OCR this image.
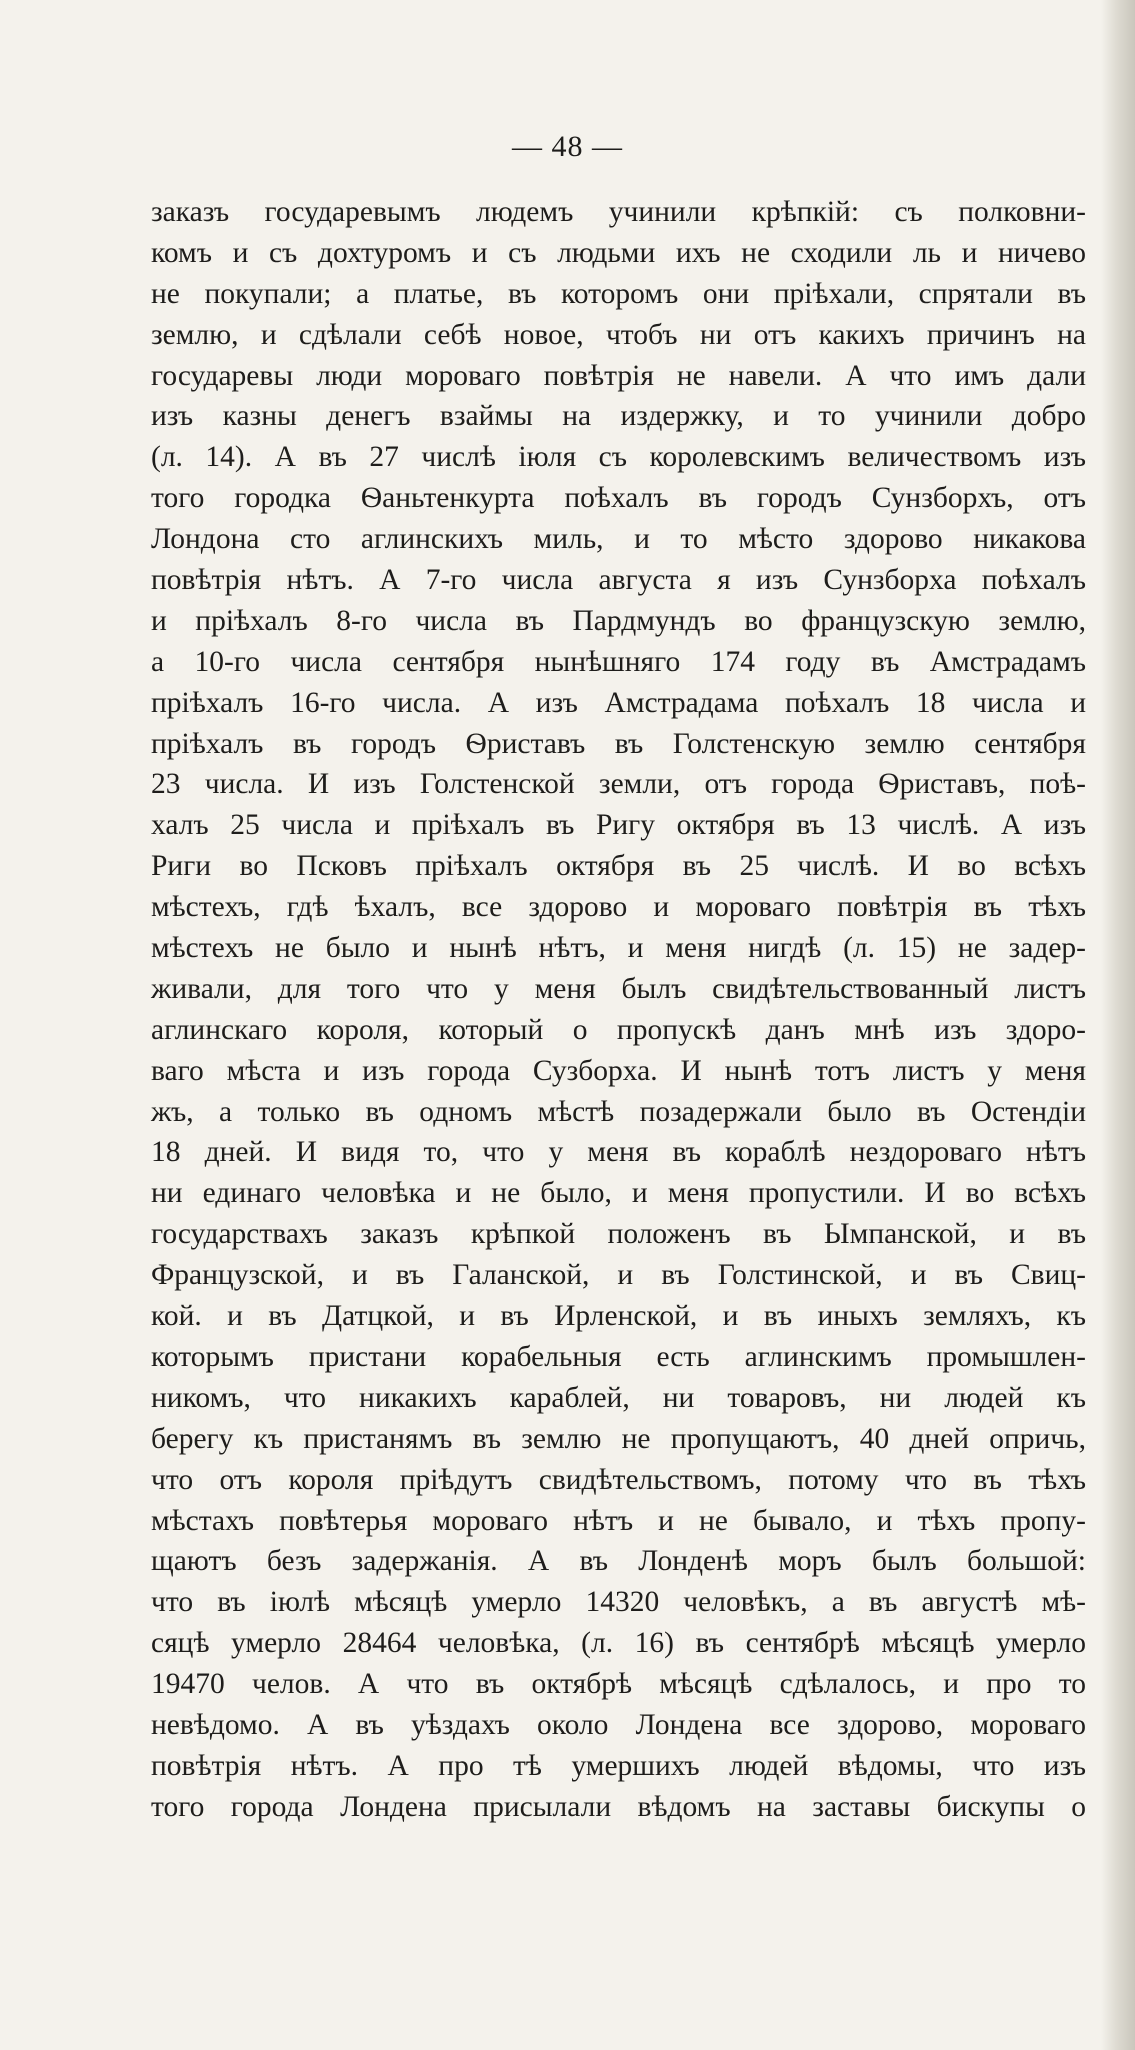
— 48 —
заказъ государевымъ людемъ учинили крѣпкiй: съ полковни-
комъ и съ дохтуромъ и съ людьми ихъ не сходили ль и ничево
не покупали; а платье, въ которомъ они прiѣхали, спрятали въ
землю, и сдѣлали себѣ новое, чтобъ ни отъ какихъ причинъ на
государевы люди мороваго повѣтрiя не навели. А что имъ дали
изъ казны денегъ взаймы на издержку, и то учинили добро
(л. 14). А въ 27 числѣ iюля съ королевскимъ величествомъ изъ
того городка Ѳаньтенкурта поѣхалъ въ городъ Сунзборхъ, отъ
Лондона сто аглинскихъ миль, и то мѣсто здорово никакова
повѣтрiя нѣтъ. А 7-го числа августа я изъ Сунзборха поѣхалъ
и прiѣхалъ 8-го числа въ Пардмундъ во французскую землю,
а 10-го числа сентября нынѣшняго 174 году въ Амстрадамъ
прiѣхалъ 16-го числа. А изъ Амстрадама поѣхалъ 18 числа и
прiѣхалъ въ городъ Ѳриставъ въ Голстенскую землю сентября
23 числа. И изъ Голстенской земли, отъ города Ѳриставъ, поѣ-
халъ 25 числа и прiѣхалъ въ Ригу октября въ 13 числѣ. А изъ
Риги во Псковъ прiѣхалъ октября въ 25 числѣ. И во всѣхъ
мѣстехъ, гдѣ ѣхалъ, все здорово и мороваго повѣтрiя въ тѣхъ
мѣстехъ не было и нынѣ нѣтъ, и меня нигдѣ (л. 15) не задер-
живали, для того что у меня былъ свидѣтельствованный листъ
аглинскаго короля, который о пропускѣ данъ мнѣ изъ здоро-
ваго мѣста и изъ города Сузборха. И нынѣ тотъ листъ у меня
жъ, а только въ одномъ мѣстѣ позадержали было въ Остендiи
18 дней. И видя то, что у меня въ кораблѣ нездороваго нѣтъ
ни единаго человѣка и не было, и меня пропустили. И во всѣхъ
государствахъ заказъ крѣпкой положенъ въ Ымпанской, и въ
Французской, и въ Галанской, и въ Голстинской, и въ Свиц-
кой. и въ Датцкой, и въ Ирленской, и въ иныхъ земляхъ, къ
которымъ пристани корабельныя есть аглинскимъ промышлен-
никомъ, что никакихъ караблей, ни товаровъ, ни людей къ
берегу къ пристанямъ въ землю не пропущаютъ, 40 дней опричь,
что отъ короля прiѣдутъ свидѣтельствомъ, потому что въ тѣхъ
мѣстахъ повѣтерья мороваго нѣтъ и не бывало, и тѣхъ пропу-
щаютъ безъ задержанiя. А въ Лонденѣ моръ былъ большой:
что въ iюлѣ мѣсяцѣ умерло 14320 человѣкъ, а въ августѣ мѣ-
сяцѣ умерло 28464 человѣка, (л. 16) въ сентябрѣ мѣсяцѣ умерло
19470 челов. А что въ октябрѣ мѣсяцѣ сдѣлалось, и про то
невѣдомо. А въ уѣздахъ около Лондена все здорово, мороваго
повѣтрiя нѣтъ. А про тѣ умершихъ людей вѣдомы, что изъ
того города Лондена присылали вѣдомъ на заставы бискупы о
